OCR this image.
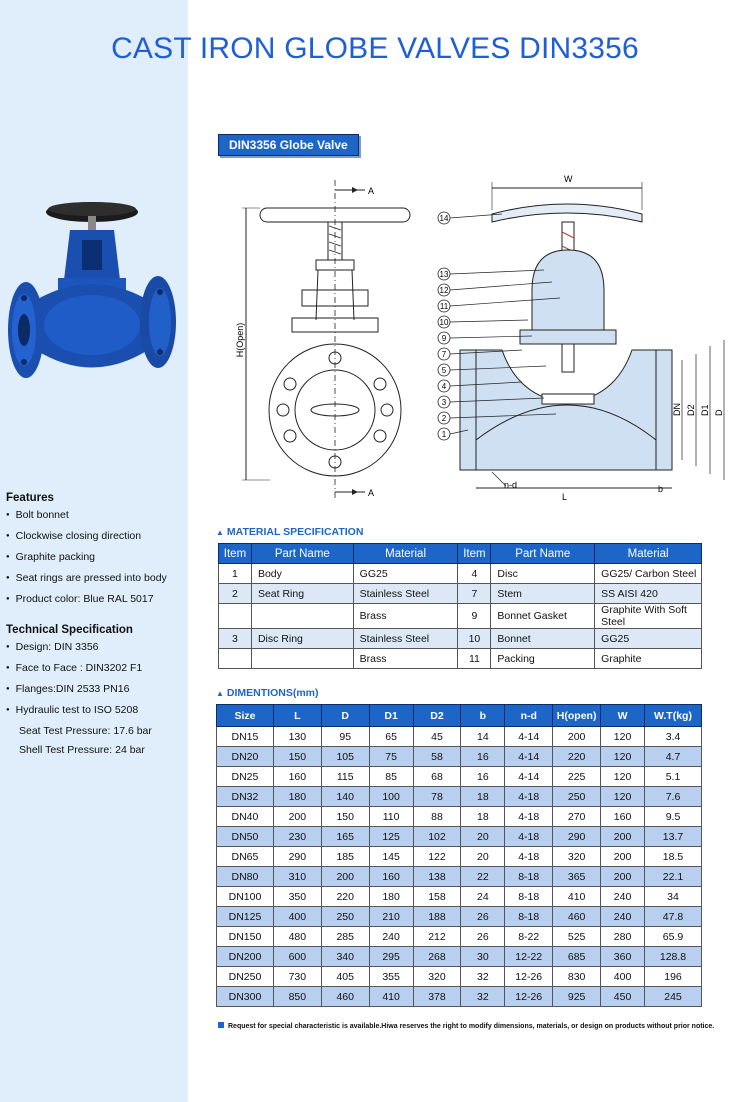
CAST IRON GLOBE VALVES DIN3356
DIN3356 Globe Valve
A
A
H(Open)
14
13
12
11
10
9
7
5
4
3
2
1
W
DN D2 D1 D
n-d
L
b
Features
● Bolt bonnet
● Clockwise closing direction
● Graphite packing
● Seat rings are pressed into body
● Product color: Blue RAL 5017
Technical Specification
● Design: DIN 3356
● Face to Face : DIN3202 F1
● Flanges:DIN 2533 PN16
● Hydraulic test to ISO 5208
Seat Test Pressure: 17.6 bar
Shell Test Pressure: 24 bar
▲ MATERIAL SPECIFICATION
Item	Part Name	Material	Item	Part Name	Material
1	Body	GG25	4	Disc	GG25/ Carbon Steel
2	Seat Ring	Stainless Steel	7	Stem	SS AISI 420
		Brass	9	Bonnet Gasket	Graphite With Soft Steel
3	Disc Ring	Stainless Steel	10	Bonnet	GG25
		Brass	11	Packing	Graphite
▲ DIMENTIONS(mm)
Size	L	D	D1	D2	b	n-d	H(open)	W	W.T(kg)
DN15	130	95	65	45	14	4-14	200	120	3.4
DN20	150	105	75	58	16	4-14	220	120	4.7
DN25	160	115	85	68	16	4-14	225	120	5.1
DN32	180	140	100	78	18	4-18	250	120	7.6
DN40	200	150	110	88	18	4-18	270	160	9.5
DN50	230	165	125	102	20	4-18	290	200	13.7
DN65	290	185	145	122	20	4-18	320	200	18.5
DN80	310	200	160	138	22	8-18	365	200	22.1
DN100	350	220	180	158	24	8-18	410	240	34
DN125	400	250	210	188	26	8-18	460	240	47.8
DN150	480	285	240	212	26	8-22	525	280	65.9
DN200	600	340	295	268	30	12-22	685	360	128.8
DN250	730	405	355	320	32	12-26	830	400	196
DN300	850	460	410	378	32	12-26	925	450	245
Request for special characteristic is available.Hiwa reserves the right to modify dimensions, materials, or design on products without prior notice.
